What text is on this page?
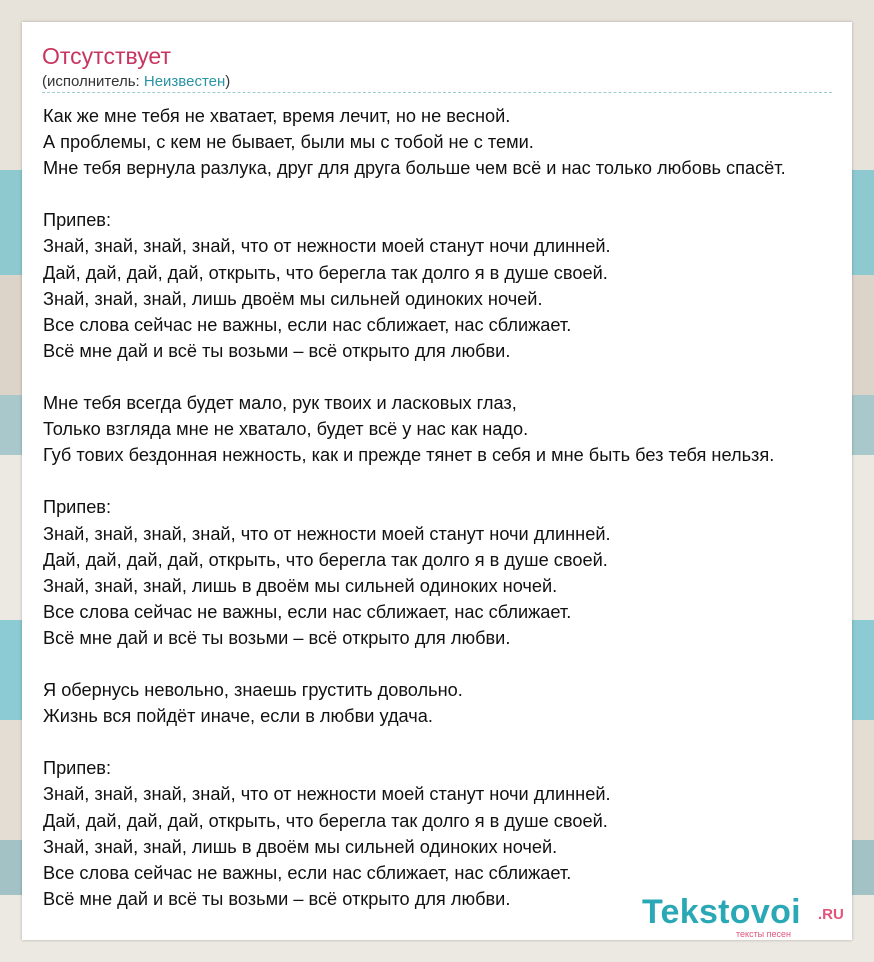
Отсутствует
(исполнитель: Неизвестен)
Как же мне тебя не хватает, время лечит, но не весной.
А проблемы, с кем не бывает, были мы с тобой не с теми.
Мне тебя вернула разлука, друг для друга больше чем всё и нас только любовь спасёт.
Припев:
Знай, знай, знай, знай, что от нежности моей станут ночи длинней.
Дай, дай, дай, дай, открыть, что берегла так долго я в душе своей.
Знай, знай, знай, лишь двоём мы сильней одиноких ночей.
Все слова сейчас не важны, если нас сближает, нас сближает.
Всё мне дай и всё ты возьми – всё открыто для любви.
Мне тебя всегда будет мало, рук твоих и ласковых глаз,
Только взгляда мне не хватало, будет всё у нас как надо.
Губ тових бездонная нежность, как и прежде тянет в себя и мне быть без тебя нельзя.
Припев:
Знай, знай, знай, знай, что от нежности моей станут ночи длинней.
Дай, дай, дай, дай, открыть, что берегла так долго я в душе своей.
Знай, знай, знай, лишь в двоём мы сильней одиноких ночей.
Все слова сейчас не важны, если нас сближает, нас сближает.
Всё мне дай и всё ты возьми – всё открыто для любви.
Я обернусь невольно, знаешь грустить довольно.
Жизнь вся пойдёт иначе, если в любви удача.
Припев:
Знай, знай, знай, знай, что от нежности моей станут ночи длинней.
Дай, дай, дай, дай, открыть, что берегла так долго я в душе своей.
Знай, знай, знай, лишь в двоём мы сильней одиноких ночей.
Все слова сейчас не важны, если нас сближает, нас сближает.
Всё мне дай и всё ты возьми – всё открыто для любви.	Tekstovoi .RU
тексты песен
